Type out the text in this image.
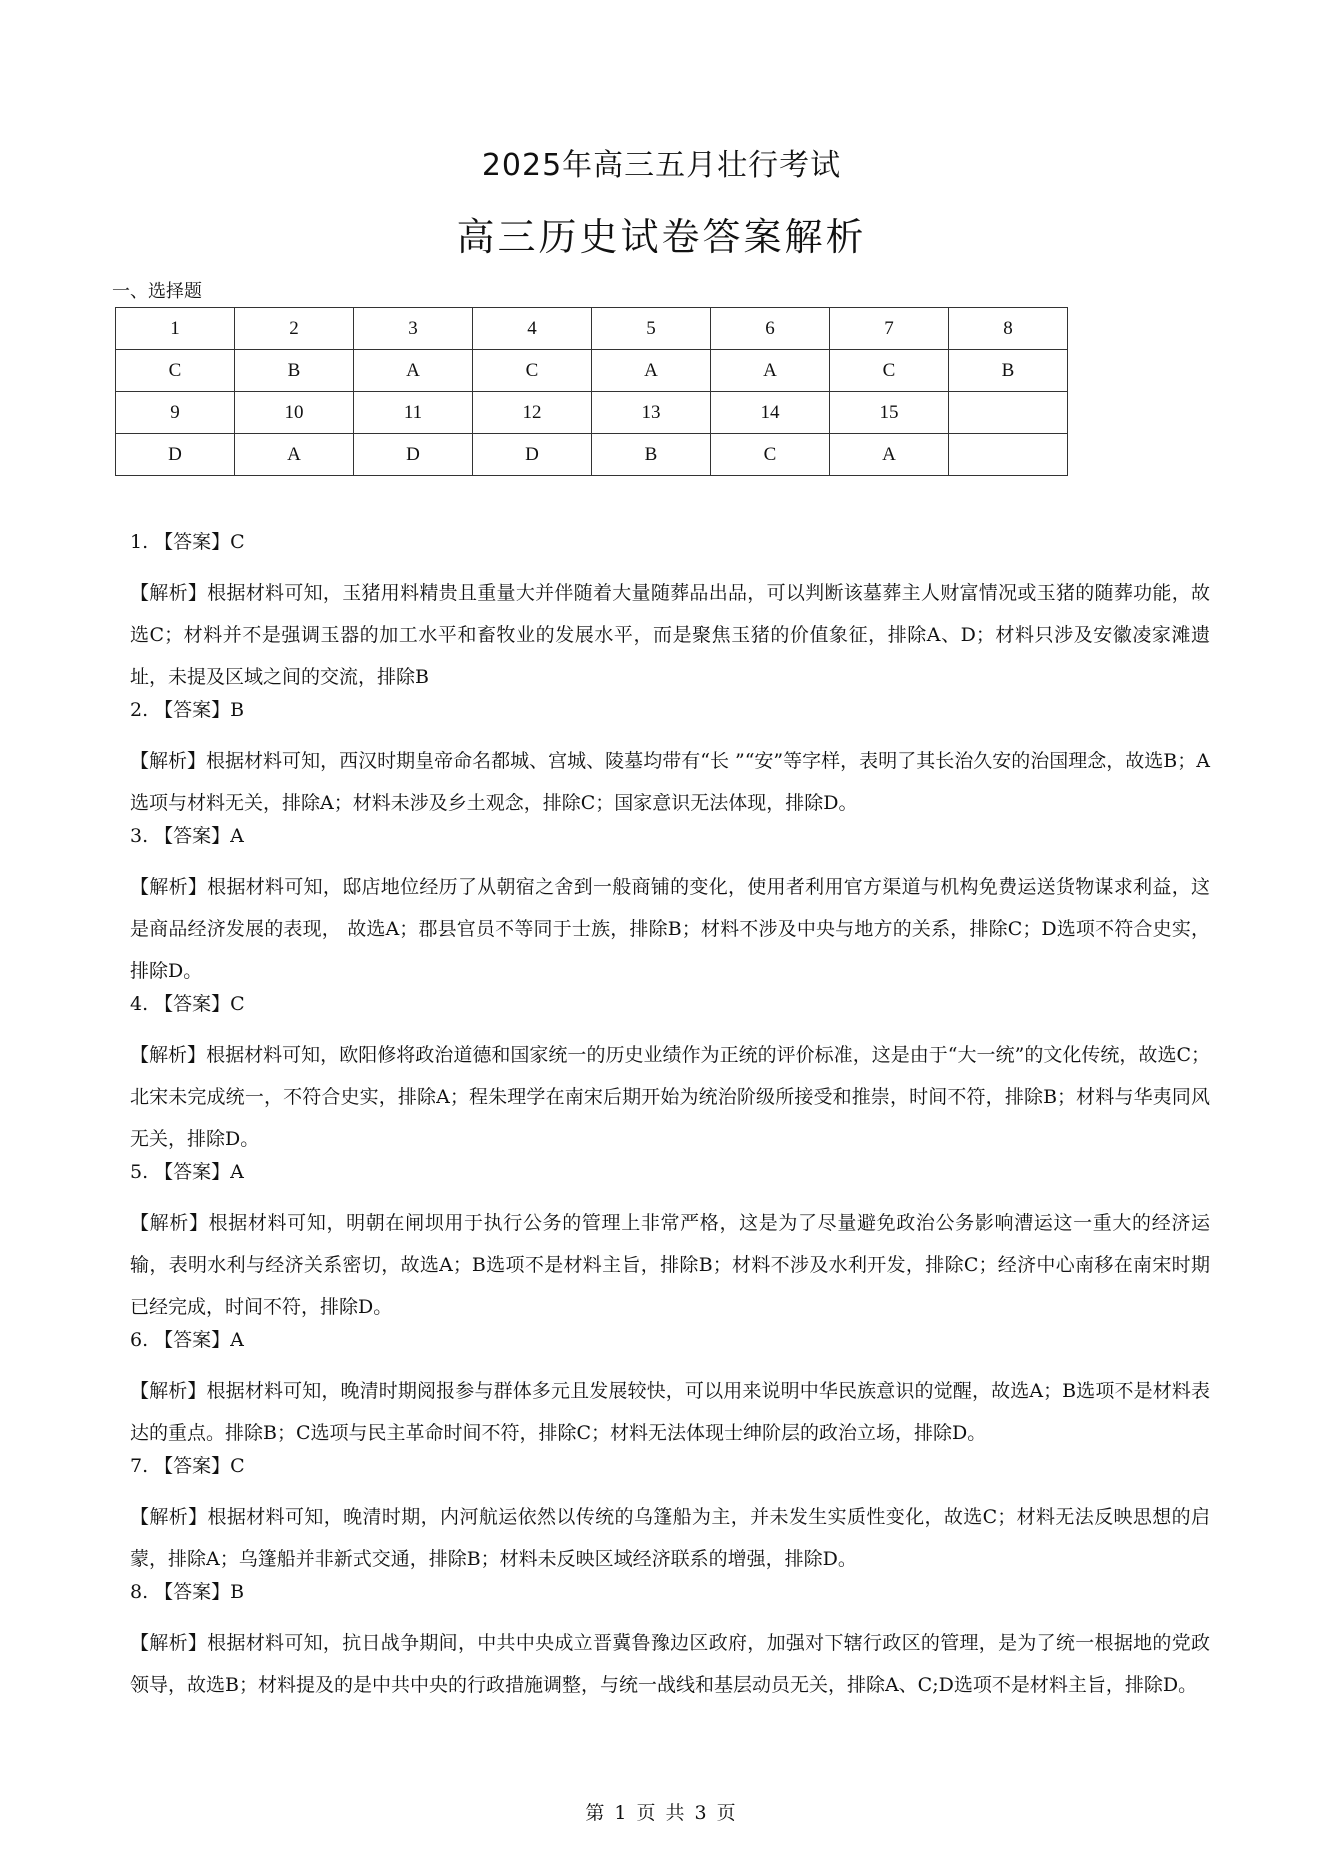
2025年高三五月壮行考试
高三历史试卷答案解析
一、选择题
1	2	3	4	5	6	7	8
C	B	A	C	A	A	C	B
9	10	11	12	13	14	15	
D	A	D	D	B	C	A	
1. 【答案】C

【解析】根据材料可知，玉猪用料精贵且重量大并伴随着大量随葬品出品，可以判断该墓葬主人财富情况或玉猪的随葬功能，故选C；材料并不是强调玉器的加工水平和畜牧业的发展水平，而是聚焦玉猪的价值象征，排除A、D；材料只涉及安徽凌家滩遗址，未提及区域之间的交流，排除B

2. 【答案】B

【解析】根据材料可知，西汉时期皇帝命名都城、宫城、陵墓均带有“长 ”“安”等字样，表明了其长治久安的治国理念，故选B；A选项与材料无关，排除A；材料未涉及乡土观念，排除C；国家意识无法体现，排除D。

3. 【答案】A

【解析】根据材料可知，邸店地位经历了从朝宿之舍到一般商铺的变化，使用者利用官方渠道与机构免费运送货物谋求利益，这是商品经济发展的表现， 故选A；郡县官员不等同于士族，排除B；材料不涉及中央与地方的关系，排除C；D选项不符合史实，排除D。

4. 【答案】C

【解析】根据材料可知，欧阳修将政治道德和国家统一的历史业绩作为正统的评价标准，这是由于“大一统”的文化传统，故选C；北宋未完成统一，不符合史实，排除A；程朱理学在南宋后期开始为统治阶级所接受和推崇，时间不符，排除B；材料与华夷同风无关，排除D。

5. 【答案】A

【解析】根据材料可知，明朝在闸坝用于执行公务的管理上非常严格，这是为了尽量避免政治公务影响漕运这一重大的经济运输，表明水利与经济关系密切，故选A；B选项不是材料主旨，排除B；材料不涉及水利开发，排除C；经济中心南移在南宋时期已经完成，时间不符，排除D。

6. 【答案】A

【解析】根据材料可知，晚清时期阅报参与群体多元且发展较快，可以用来说明中华民族意识的觉醒，故选A；B选项不是材料表达的重点。排除B；C选项与民主革命时间不符，排除C；材料无法体现士绅阶层的政治立场，排除D。

7. 【答案】C

【解析】根据材料可知，晚清时期，内河航运依然以传统的乌篷船为主，并未发生实质性变化，故选C；材料无法反映思想的启蒙，排除A；乌篷船并非新式交通，排除B；材料未反映区域经济联系的增强，排除D。

8. 【答案】B

【解析】根据材料可知，抗日战争期间，中共中央成立晋冀鲁豫边区政府，加强对下辖行政区的管理，是为了统一根据地的党政领导，故选B；材料提及的是中共中央的行政措施调整，与统一战线和基层动员无关，排除A、C;D选项不是材料主旨，排除D。

第 1 页 共 3 页
